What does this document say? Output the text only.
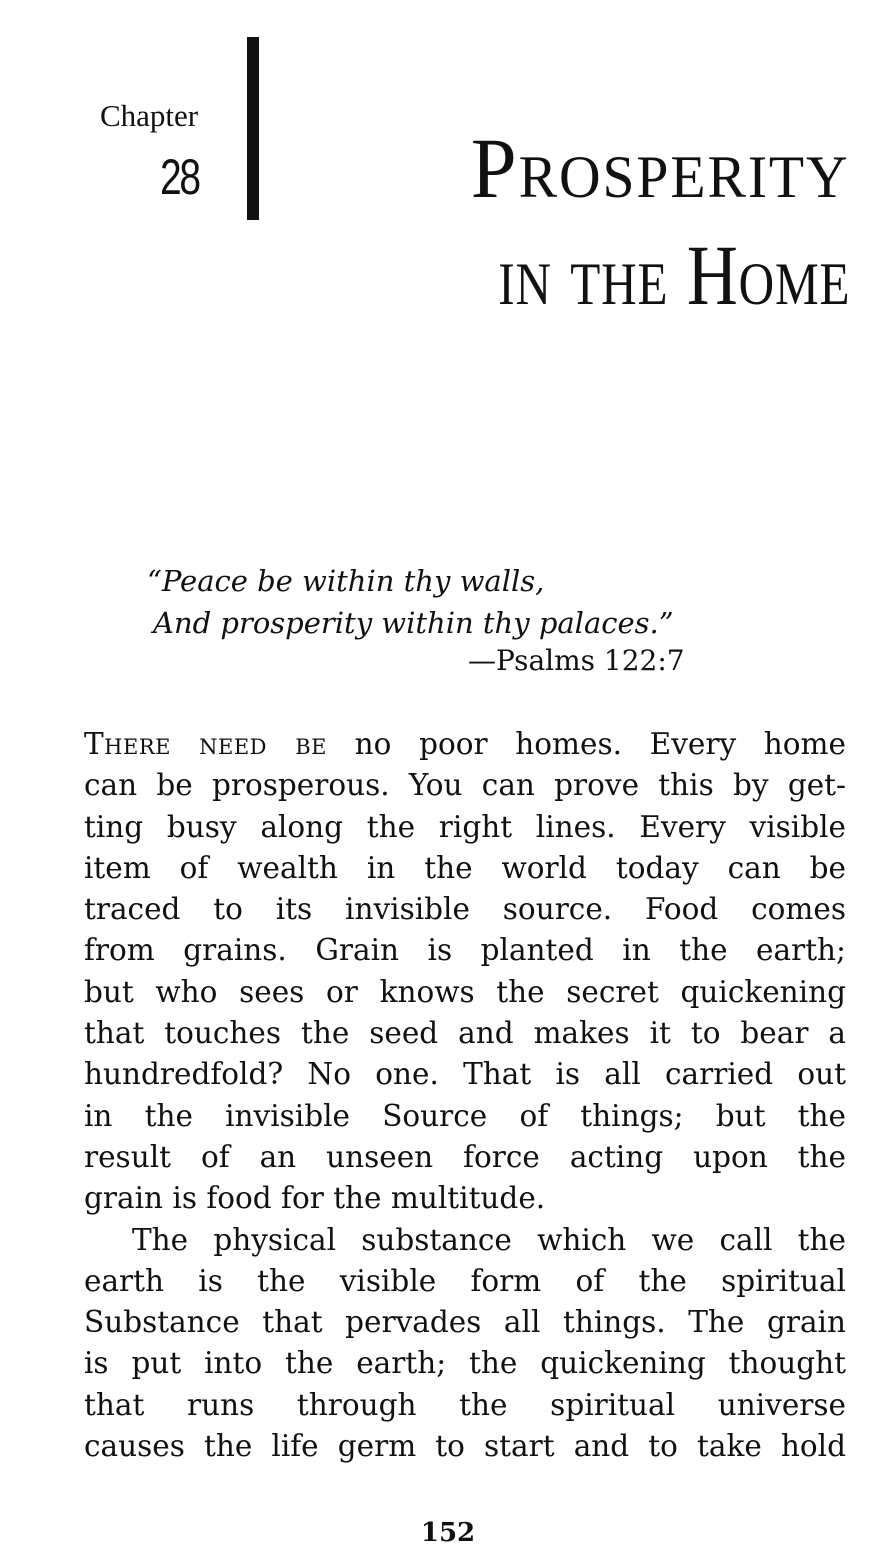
Chapter
28	Prosperity
in the Home
“Peace be within thy walls,
And prosperity within thy palaces.”
—Psalms 122:7
There need be no poor homes. Every home
can be prosperous. You can prove this by get-
ting busy along the right lines. Every visible
item of wealth in the world today can be
traced to its invisible source. Food comes
from grains. Grain is planted in the earth;
but who sees or knows the secret quickening
that touches the seed and makes it to bear a
hundredfold? No one. That is all carried out
in the invisible Source of things; but the
result of an unseen force acting upon the
grain is food for the multitude.
The physical substance which we call the
earth is the visible form of the spiritual
Substance that pervades all things. The grain
is put into the earth; the quickening thought
that runs through the spiritual universe
causes the life germ to start and to take hold
152
